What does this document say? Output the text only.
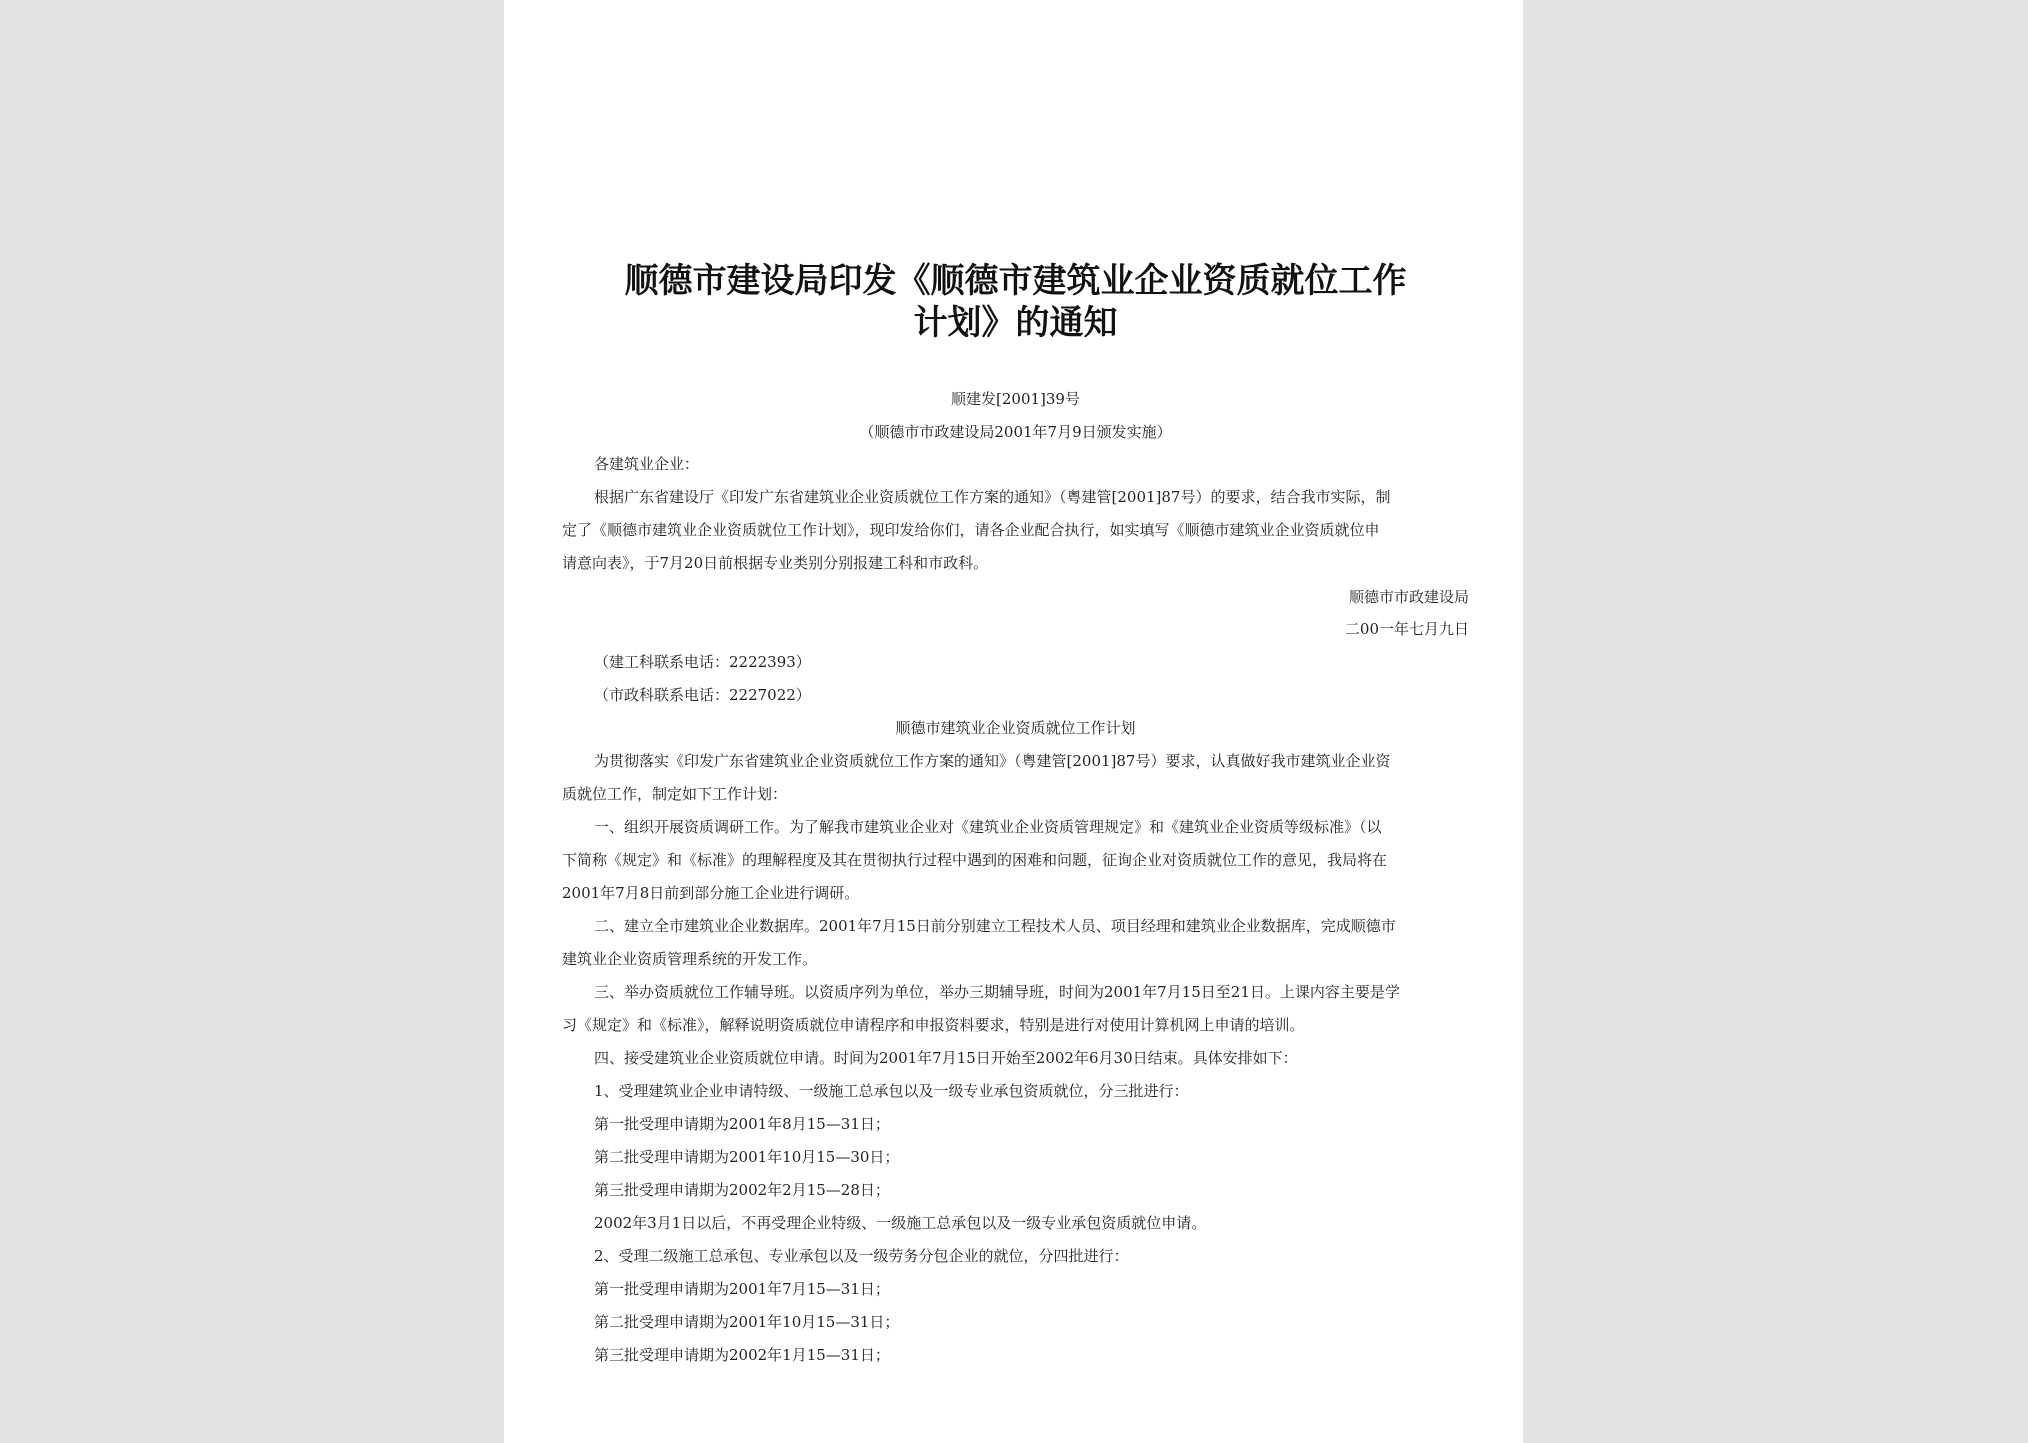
顺德市建设局印发《顺德市建筑业企业资质就位工作
计划》的通知
顺建发[2001]39号
（顺德市市政建设局2001年7月9日颁发实施）
各建筑业企业：
根据广东省建设厅《印发广东省建筑业企业资质就位工作方案的通知》（粤建管[2001]87号）的要求，结合我市实际，制
定了《顺德市建筑业企业资质就位工作计划》，现印发给你们，请各企业配合执行，如实填写《顺德市建筑业企业资质就位申
请意向表》，于7月20日前根据专业类别分别报建工科和市政科。
顺德市市政建设局
二00一年七月九日
（建工科联系电话：2222393）
（市政科联系电话：2227022）
顺德市建筑业企业资质就位工作计划
为贯彻落实《印发广东省建筑业企业资质就位工作方案的通知》（粤建管[2001]87号）要求，认真做好我市建筑业企业资
质就位工作，制定如下工作计划：
一、组织开展资质调研工作。为了解我市建筑业企业对《建筑业企业资质管理规定》和《建筑业企业资质等级标准》（以
下简称《规定》和《标准》的理解程度及其在贯彻执行过程中遇到的困难和问题，征询企业对资质就位工作的意见，我局将在
2001年7月8日前到部分施工企业进行调研。
二、建立全市建筑业企业数据库。2001年7月15日前分别建立工程技术人员、项目经理和建筑业企业数据库，完成顺德市
建筑业企业资质管理系统的开发工作。
三、举办资质就位工作辅导班。以资质序列为单位，举办三期辅导班，时间为2001年7月15日至21日。上课内容主要是学
习《规定》和《标准》，解释说明资质就位申请程序和申报资料要求，特别是进行对使用计算机网上申请的培训。
四、接受建筑业企业资质就位申请。时间为2001年7月15日开始至2002年6月30日结束。具体安排如下：
1、受理建筑业企业申请特级、一级施工总承包以及一级专业承包资质就位，分三批进行：
第一批受理申请期为2001年8月15—31日；
第二批受理申请期为2001年10月15—30日；
第三批受理申请期为2002年2月15—28日；
2002年3月1日以后，不再受理企业特级、一级施工总承包以及一级专业承包资质就位申请。
2、受理二级施工总承包、专业承包以及一级劳务分包企业的就位，分四批进行：
第一批受理申请期为2001年7月15—31日；
第二批受理申请期为2001年10月15—31日；
第三批受理申请期为2002年1月15—31日；
